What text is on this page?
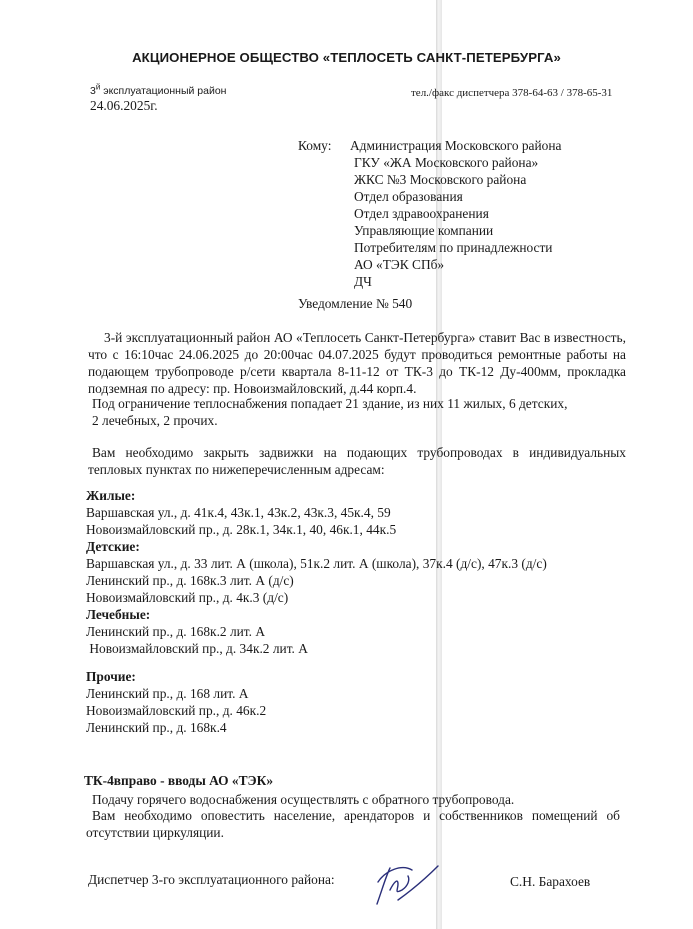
АКЦИОНЕРНОЕ ОБЩЕСТВО «ТЕПЛОСЕТЬ САНКТ-ПЕТЕРБУРГА»
$3^й$ эксплуатационный район
24.06.2025г.
тел./факс диспетчера 378-64-63 / 378-65-31
Кому: Администрация Московского района
ГКУ «ЖА Московского района»
ЖКС №3 Московского района
Отдел образования
Отдел здравоохранения
Управляющие компании
Потребителям по принадлежности
АО «ТЭК СПб»
ДЧ
Уведомление № 540
3-й эксплуатационный район АО «Теплосеть Санкт-Петербурга» ставит Вас в известность, что с 16:10час 24.06.2025 до 20:00час 04.07.2025 будут проводиться ремонтные работы на подающем трубопроводе р/сети квартала 8-11-12 от ТК-3 до ТК-12 Ду-400мм, прокладка подземная по адресу: пр. Новоизмайловский, д.44 корп.4.
Под ограничение теплоснабжения попадает 21 здание, из них 11 жилых, 6 детских,
2 лечебных, 2 прочих.
Вам необходимо закрыть задвижки на подающих трубопроводах в индивидуальных тепловых пунктах по нижеперечисленным адресам:
Жилые:
Варшавская ул., д. 41к.4, 43к.1, 43к.2, 43к.3, 45к.4, 59
Новоизмайловский пр., д. 28к.1, 34к.1, 40, 46к.1, 44к.5
Детские:
Варшавская ул., д. 33 лит. А (школа), 51к.2 лит. А (школа), 37к.4 (д/с), 47к.3 (д/с)
Ленинский пр., д. 168к.3 лит. А (д/с)
Новоизмайловский пр., д. 4к.3 (д/с)
Лечебные:
Ленинский пр., д. 168к.2 лит. А
Новоизмайловский пр., д. 34к.2 лит. А
Прочие:
Ленинский пр., д. 168 лит. А
Новоизмайловский пр., д. 46к.2
Ленинский пр., д. 168к.4
ТК-4вправо - вводы АО «ТЭК»
Подачу горячего водоснабжения осуществлять с обратного трубопровода.
Вам необходимо оповестить население, арендаторов и собственников помещений об отсутствии циркуляции.
Диспетчер 3-го эксплуатационного района:	С.Н. Барахоев
